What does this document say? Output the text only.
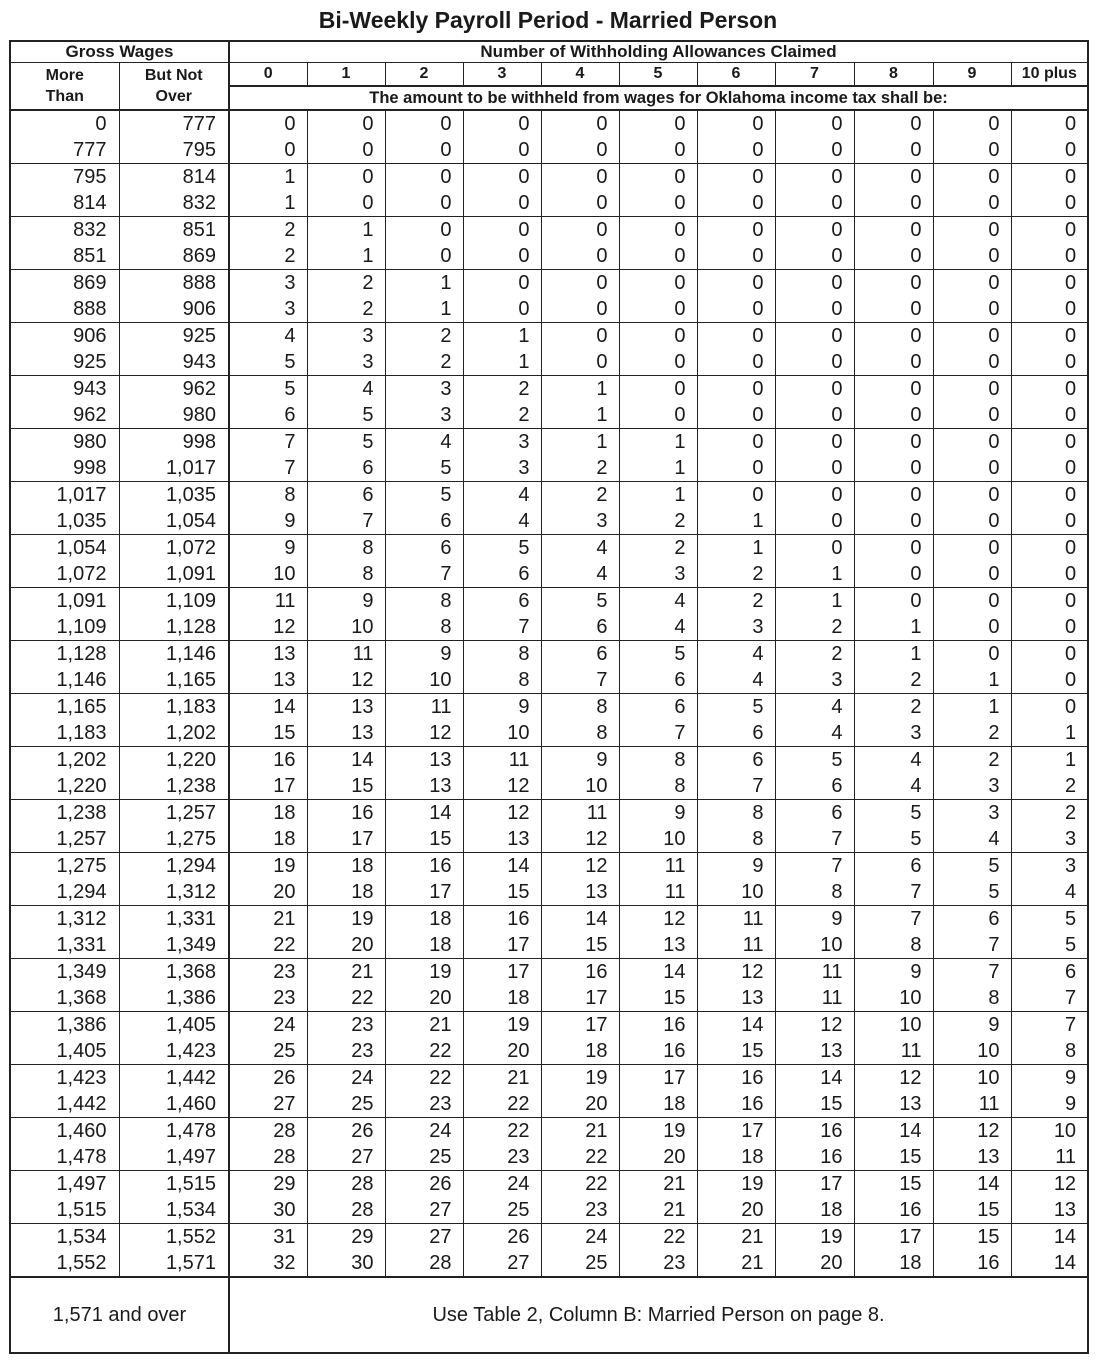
Bi-Weekly Payroll Period - Married Person
Gross Wages		Number of Withholding Allowances Claimed										
More
Than	But Not
Over	0	1	2	3	4	5	6	7	8	9	10 plus
		The amount to be withheld from wages for Oklahoma income tax shall be:										
0	777	0	0	0	0	0	0	0	0	0	0	0
777	795	0	0	0	0	0	0	0	0	0	0	0
795	814	1	0	0	0	0	0	0	0	0	0	0
814	832	1	0	0	0	0	0	0	0	0	0	0
832	851	2	1	0	0	0	0	0	0	0	0	0
851	869	2	1	0	0	0	0	0	0	0	0	0
869	888	3	2	1	0	0	0	0	0	0	0	0
888	906	3	2	1	0	0	0	0	0	0	0	0
906	925	4	3	2	1	0	0	0	0	0	0	0
925	943	5	3	2	1	0	0	0	0	0	0	0
943	962	5	4	3	2	1	0	0	0	0	0	0
962	980	6	5	3	2	1	0	0	0	0	0	0
980	998	7	5	4	3	1	1	0	0	0	0	0
998	1,017	7	6	5	3	2	1	0	0	0	0	0
1,017	1,035	8	6	5	4	2	1	0	0	0	0	0
1,035	1,054	9	7	6	4	3	2	1	0	0	0	0
1,054	1,072	9	8	6	5	4	2	1	0	0	0	0
1,072	1,091	10	8	7	6	4	3	2	1	0	0	0
1,091	1,109	11	9	8	6	5	4	2	1	0	0	0
1,109	1,128	12	10	8	7	6	4	3	2	1	0	0
1,128	1,146	13	11	9	8	6	5	4	2	1	0	0
1,146	1,165	13	12	10	8	7	6	4	3	2	1	0
1,165	1,183	14	13	11	9	8	6	5	4	2	1	0
1,183	1,202	15	13	12	10	8	7	6	4	3	2	1
1,202	1,220	16	14	13	11	9	8	6	5	4	2	1
1,220	1,238	17	15	13	12	10	8	7	6	4	3	2
1,238	1,257	18	16	14	12	11	9	8	6	5	3	2
1,257	1,275	18	17	15	13	12	10	8	7	5	4	3
1,275	1,294	19	18	16	14	12	11	9	7	6	5	3
1,294	1,312	20	18	17	15	13	11	10	8	7	5	4
1,312	1,331	21	19	18	16	14	12	11	9	7	6	5
1,331	1,349	22	20	18	17	15	13	11	10	8	7	5
1,349	1,368	23	21	19	17	16	14	12	11	9	7	6
1,368	1,386	23	22	20	18	17	15	13	11	10	8	7
1,386	1,405	24	23	21	19	17	16	14	12	10	9	7
1,405	1,423	25	23	22	20	18	16	15	13	11	10	8
1,423	1,442	26	24	22	21	19	17	16	14	12	10	9
1,442	1,460	27	25	23	22	20	18	16	15	13	11	9
1,460	1,478	28	26	24	22	21	19	17	16	14	12	10
1,478	1,497	28	27	25	23	22	20	18	16	15	13	11
1,497	1,515	29	28	26	24	22	21	19	17	15	14	12
1,515	1,534	30	28	27	25	23	21	20	18	16	15	13
1,534	1,552	31	29	27	26	24	22	21	19	17	15	14
1,552	1,571	32	30	28	27	25	23	21	20	18	16	14
1,571 and over		Use Table 2, Column B: Married Person on page 8.										
